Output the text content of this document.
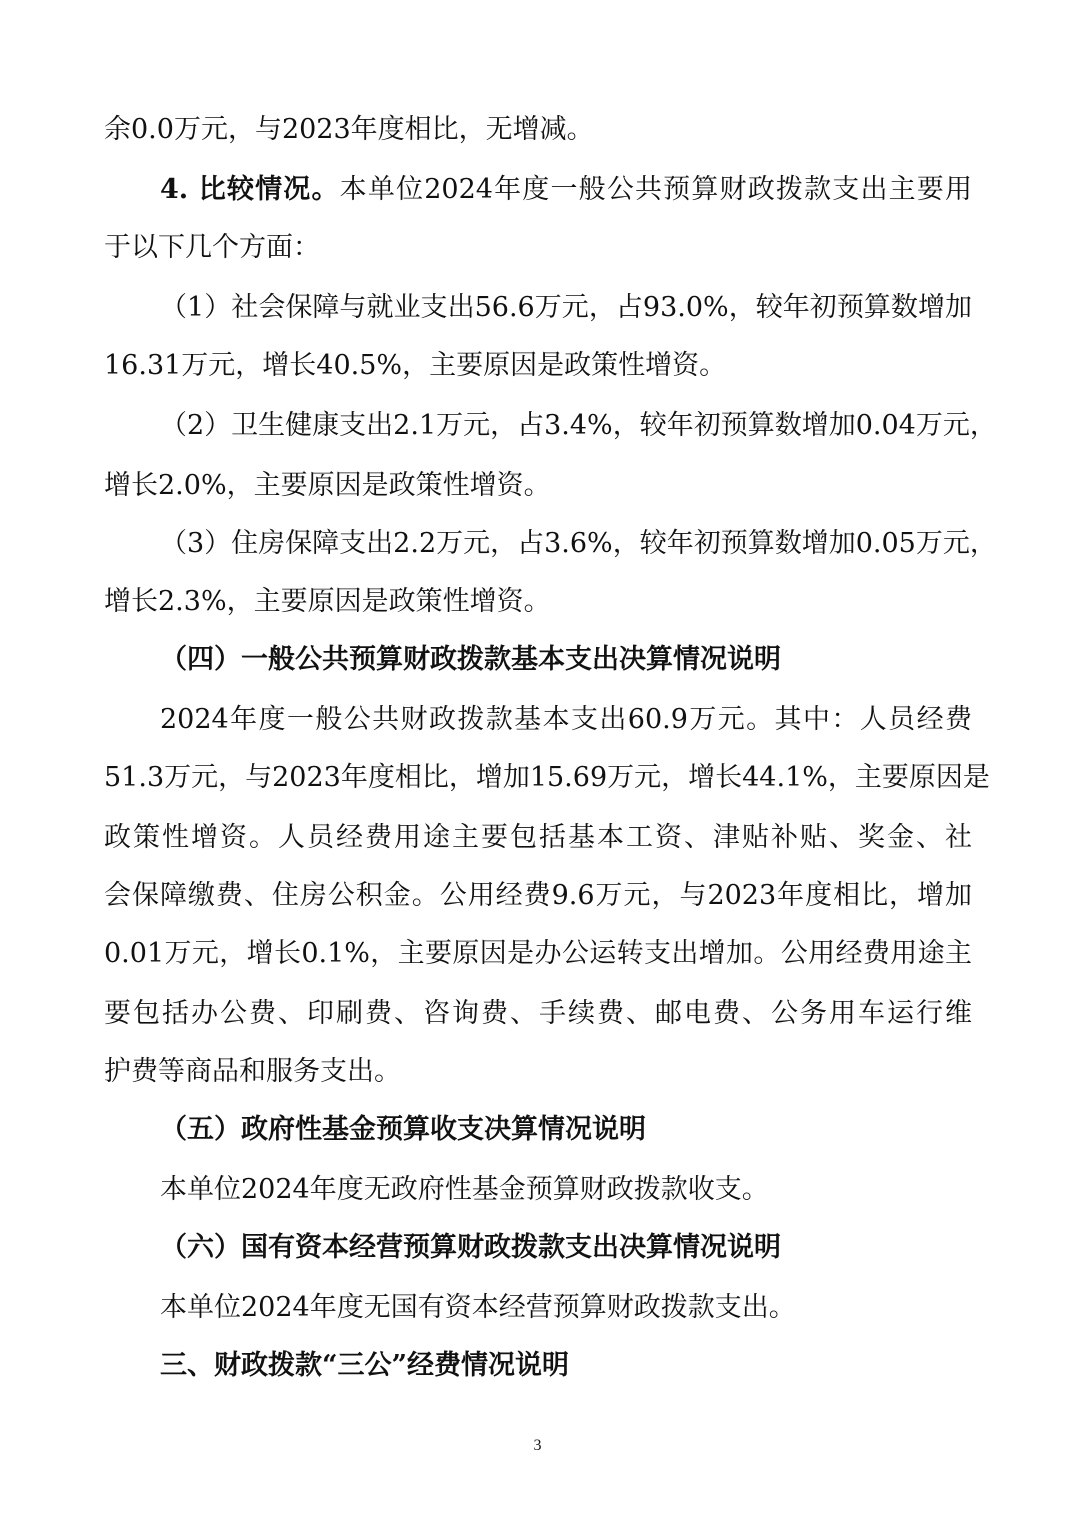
余0.0万元，与2023年度相比，无增减。
4. 比较情况。本单位2024年度一般公共预算财政拨款支出主要用
于以下几个方面：
（1）社会保障与就业支出56.6万元，占93.0%，较年初预算数增加
16.31万元，增长40.5%，主要原因是政策性增资。
（2）卫生健康支出2.1万元，占3.4%，较年初预算数增加0.04万元，
增长2.0%，主要原因是政策性增资。
（3）住房保障支出2.2万元，占3.6%，较年初预算数增加0.05万元，
增长2.3%，主要原因是政策性增资。
（四）一般公共预算财政拨款基本支出决算情况说明
2024年度一般公共财政拨款基本支出60.9万元。其中：人员经费
51.3万元，与2023年度相比，增加15.69万元，增长44.1%，主要原因是
政策性增资。人员经费用途主要包括基本工资、津贴补贴、奖金、社
会保障缴费、住房公积金。公用经费9.6万元，与2023年度相比，增加
0.01万元，增长0.1%，主要原因是办公运转支出增加。公用经费用途主
要包括办公费、印刷费、咨询费、手续费、邮电费、公务用车运行维
护费等商品和服务支出。
（五）政府性基金预算收支决算情况说明
本单位2024年度无政府性基金预算财政拨款收支。
（六）国有资本经营预算财政拨款支出决算情况说明
本单位2024年度无国有资本经营预算财政拨款支出。
三、财政拨款“三公”经费情况说明
3
